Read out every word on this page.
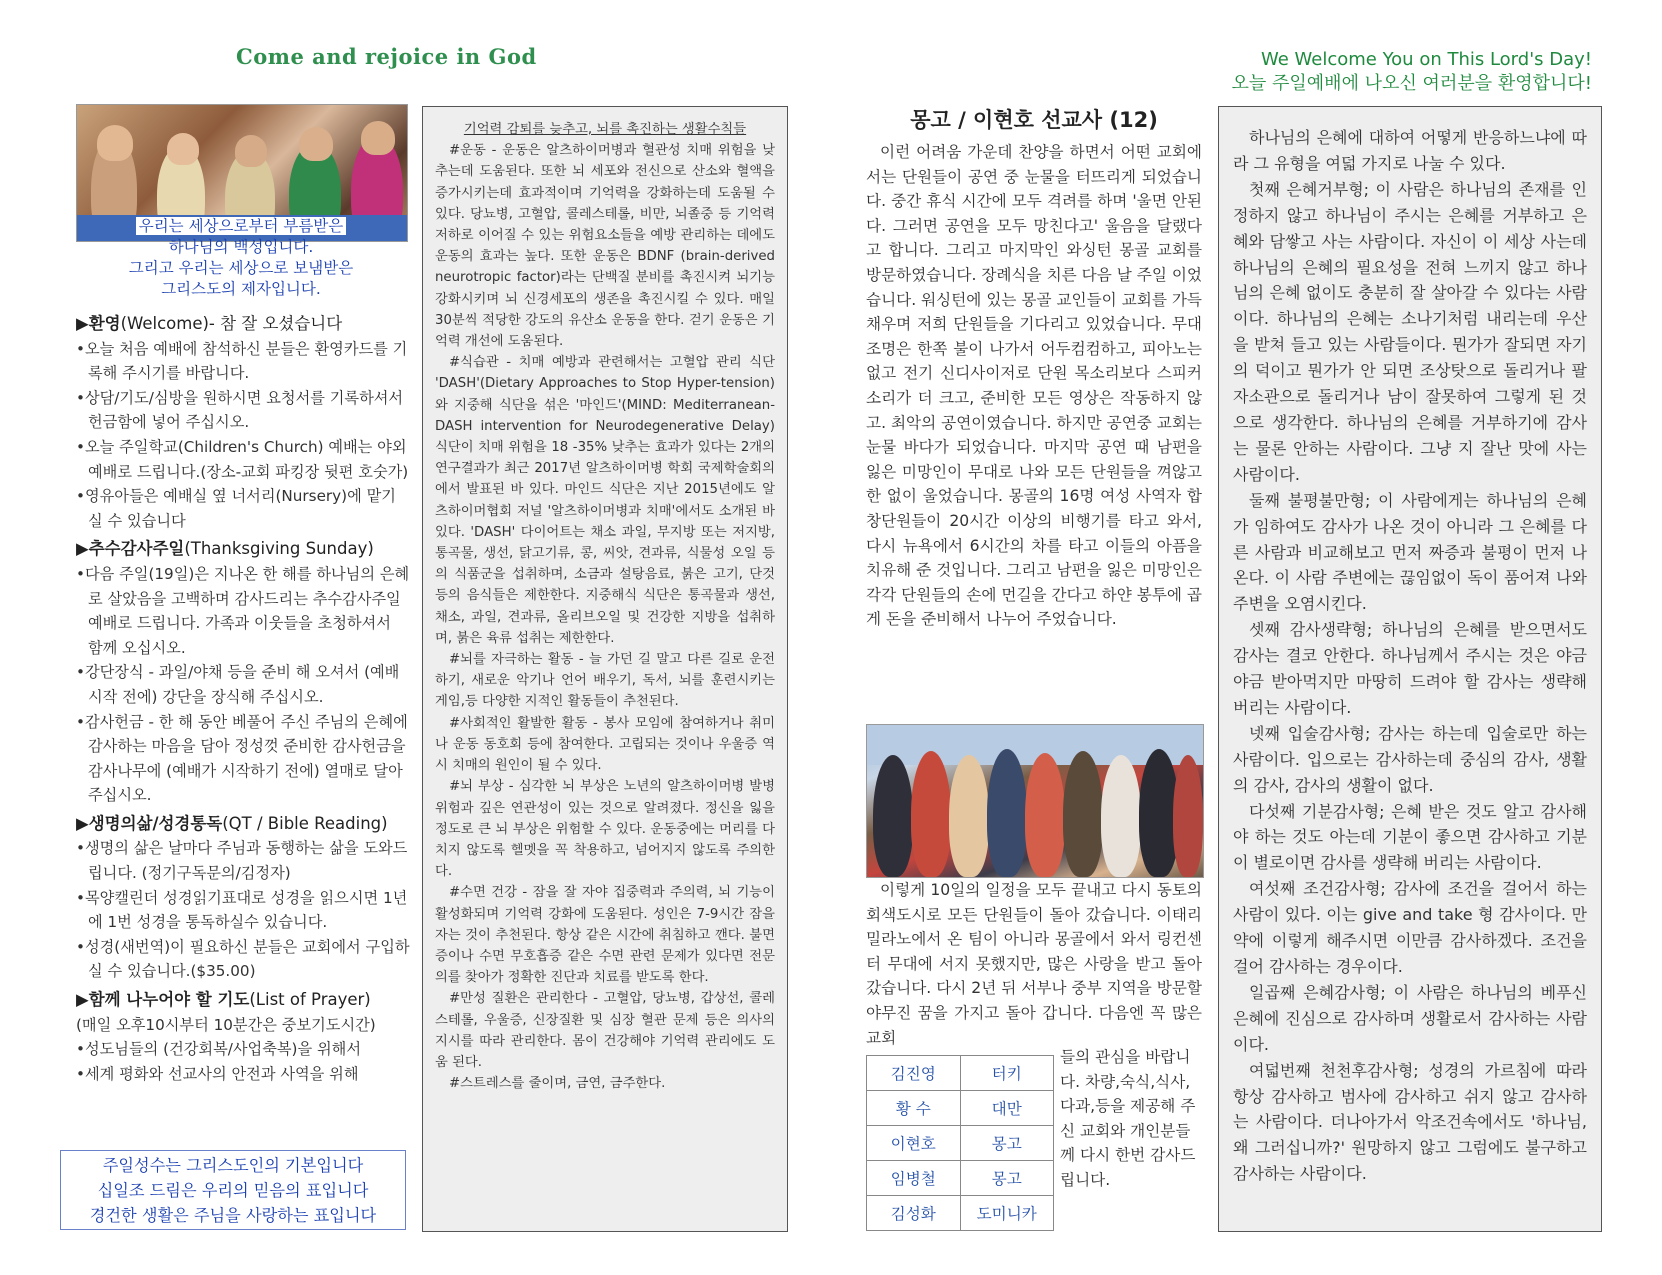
Come and rejoice in God	We Welcome You on This Lord's Day!
오늘 주일예배에 나오신 여러분을 환영합니다!
우리는 세상으로부터 부름받은
하나님의 백성입니다.
그리고 우리는 세상으로 보냄받은
그리스도의 제자입니다.
▶환영(Welcome)- 참 잘 오셨습니다
•오늘 처음 예배에 참석하신 분들은 환영카드를 기록해 주시기를 바랍니다.
•상담/기도/심방을 원하시면 요청서를 기록하셔서 헌금함에 넣어 주십시오.
•오늘 주일학교(Children's Church) 예배는 야외예배로 드립니다.(장소-교회 파킹장 뒷편 호숫가)
•영유아들은 예배실 옆 너서리(Nursery)에 맡기실 수 있습니다
▶추수감사주일(Thanksgiving Sunday)
•다음 주일(19일)은 지나온 한 해를 하나님의 은혜로 살았음을 고백하며 감사드리는 추수감사주일예배로 드립니다. 가족과 이웃들을 초청하셔서 함께 오십시오.
•강단장식 - 과일/야채 등을 준비 해 오셔서 (예배시작 전에) 강단을 장식해 주십시오.
•감사헌금 - 한 해 동안 베풀어 주신 주님의 은혜에 감사하는 마음을 담아 정성껏 준비한 감사헌금을 감사나무에 (예배가 시작하기 전에) 열매로 달아 주십시오.
▶생명의삶/성경통독(QT / Bible Reading)
•생명의 삶은 날마다 주님과 동행하는 삶을 도와드립니다. (정기구독문의/김정자)
•목양캘린더 성경읽기표대로 성경을 읽으시면 1년에 1번 성경을 통독하실수 있습니다.
•성경(새번역)이 필요하신 분들은 교회에서 구입하실 수 있습니다.($35.00)
▶함께 나누어야 할 기도(List of Prayer)
(매일 오후10시부터 10분간은 중보기도시간)
•성도님들의 (건강회복/사업축복)을 위해서
•세계 평화와 선교사의 안전과 사역을 위해
주일성수는 그리스도인의 기본입니다
십일조 드림은 우리의 믿음의 표입니다
경건한 생활은 주님을 사랑하는 표입니다
기억력 감퇴를 늦추고, 뇌를 촉진하는 생활수칙들

#운동 - 운동은 알츠하이머병과 혈관성 치매 위험을 낮추는데 도움된다. 또한 뇌 세포와 전신으로 산소와 혈액을 증가시키는데 효과적이며 기억력을 강화하는데 도움될 수 있다. 당뇨병, 고혈압, 콜레스테롤, 비만, 뇌졸중 등 기억력 저하로 이어질 수 있는 위험요소들을 예방 관리하는 데에도 운동의 효과는 높다. 또한 운동은 BDNF (brain-derived neurotropic factor)라는 단백질 분비를 촉진시켜 뇌기능 강화시키며 뇌 신경세포의 생존을 촉진시킬 수 있다. 매일 30분씩 적당한 강도의 유산소 운동을 한다. 걷기 운동은 기억력 개선에 도움된다.

#식습관 - 치매 예방과 관련해서는 고혈압 관리 식단 'DASH'(Dietary Approaches to Stop Hyper-tension)와 지중해 식단을 섞은 '마인드'(MIND: Mediterranean-DASH intervention for Neurodegenerative Delay) 식단이 치매 위험을 18 -35% 낮추는 효과가 있다는 2개의 연구결과가 최근 2017년 알츠하이머병 학회 국제학술회의에서 발표된 바 있다. 마인드 식단은 지난 2015년에도 알츠하이머협회 저널 '알츠하이머병과 치매'에서도 소개된 바 있다. 'DASH' 다이어트는 채소 과일, 무지방 또는 저지방, 통곡물, 생선, 닭고기류, 콩, 씨앗, 견과류, 식물성 오일 등의 식품군을 섭취하며, 소금과 설탕음료, 붉은 고기, 단것 등의 음식들은 제한한다. 지중해식 식단은 통곡물과 생선, 채소, 과일, 견과류, 올리브오일 및 건강한 지방을 섭취하며, 붉은 육류 섭취는 제한한다.

#뇌를 자극하는 활동 - 늘 가던 길 말고 다른 길로 운전하기, 새로운 악기나 언어 배우기, 독서, 뇌를 훈련시키는 게임,등 다양한 지적인 활동들이 추천된다.

#사회적인 활발한 활동 - 봉사 모임에 참여하거나 취미나 운동 동호회 등에 참여한다. 고립되는 것이나 우울증 역시 치매의 원인이 될 수 있다.

#뇌 부상 - 심각한 뇌 부상은 노년의 알츠하이머병 발병 위험과 깊은 연관성이 있는 것으로 알려졌다. 정신을 잃을 정도로 큰 뇌 부상은 위험할 수 있다. 운동중에는 머리를 다치지 않도록 헬멧을 꼭 착용하고, 넘어지지 않도록 주의한다.

#수면 건강 - 잠을 잘 자야 집중력과 주의력, 뇌 기능이 활성화되며 기억력 강화에 도움된다. 성인은 7-9시간 잠을 자는 것이 추천된다. 항상 같은 시간에 취침하고 깬다. 불면증이나 수면 무호흡증 같은 수면 관련 문제가 있다면 전문의를 찾아가 정확한 진단과 치료를 받도록 한다.

#만성 질환은 관리한다 - 고혈압, 당뇨병, 갑상선, 콜레스테롤, 우울증, 신장질환 및 심장 혈관 문제 등은 의사의 지시를 따라 관리한다. 몸이 건강해야 기억력 관리에도 도움 된다.

#스트레스를 줄이며, 금연, 금주한다.

몽고 / 이현호 선교사 (12)

이런 어려움 가운데 찬양을 하면서 어떤 교회에서는 단원들이 공연 중 눈물을 터뜨리게 되었습니다. 중간 휴식 시간에 모두 격려를 하며 '울면 안된다. 그러면 공연을 모두 망친다고' 울음을 달랬다고 합니다. 그리고 마지막인 와싱턴 몽골 교회를 방문하였습니다. 장례식을 치른 다음 날 주일 이었습니다. 워싱턴에 있는 몽골 교인들이 교회를 가득채우며 저희 단원들을 기다리고 있었습니다. 무대 조명은 한쪽 불이 나가서 어두컴컴하고, 피아노는 없고 전기 신디사이저로 단원 목소리보다 스피커 소리가 더 크고, 준비한 모든 영상은 작동하지 않고. 최악의 공연이였습니다. 하지만 공연중 교회는 눈물 바다가 되었습니다. 마지막 공연 때 남편을 잃은 미망인이 무대로 나와 모든 단원들을 껴않고 한 없이 울었습니다. 몽골의 16명 여성 사역자 합창단원들이 20시간 이상의 비행기를 타고 와서, 다시 뉴욕에서 6시간의 차를 타고 이들의 아픔을 치유해 준 것입니다. 그리고 남편을 잃은 미망인은 각각 단원들의 손에 먼길을 간다고 하얀 봉투에 곱게 돈을 준비해서 나누어 주었습니다.

이렇게 10일의 일정을 모두 끝내고 다시 동토의 회색도시로 모든 단원들이 돌아 갔습니다. 이태리 밀라노에서 온 팀이 아니라 몽골에서 와서 링컨센터 무대에 서지 못했지만, 많은 사랑을 받고 돌아 갔습니다. 다시 2년 뒤 서부나 중부 지역을 방문할 야무진 꿈을 가지고 돌아 갑니다. 다음엔 꼭 많은 교회

김진영	터키
황 수	대만
이현호	몽고
임병철	몽고
김성화	도미니카
들의 관심을 바랍니다. 차량,숙식,식사,다과,등을 제공해 주신 교회와 개인분들께 다시 한번 감사드립니다.

하나님의 은혜에 대하여 어떻게 반응하느냐에 따라 그 유형을 여덟 가지로 나눌 수 있다.

첫째 은혜거부형; 이 사람은 하나님의 존재를 인정하지 않고 하나님이 주시는 은혜를 거부하고 은혜와 담쌓고 사는 사람이다. 자신이 이 세상 사는데 하나님의 은혜의 필요성을 전혀 느끼지 않고 하나님의 은혜 없이도 충분히 잘 살아갈 수 있다는 사람이다. 하나님의 은혜는 소나기처럼 내리는데 우산을 받쳐 들고 있는 사람들이다. 뭔가가 잘되면 자기의 덕이고 뭔가가 안 되면 조상탓으로 돌리거나 팔자소관으로 돌리거나 남이 잘못하여 그렇게 된 것으로 생각한다. 하나님의 은혜를 거부하기에 감사는 물론 안하는 사람이다. 그냥 지 잘난 맛에 사는 사람이다.

둘째 불평불만형; 이 사람에게는 하나님의 은혜가 임하여도 감사가 나온 것이 아니라 그 은혜를 다른 사람과 비교해보고 먼저 짜증과 불평이 먼저 나온다. 이 사람 주변에는 끊임없이 독이 품어져 나와 주변을 오염시킨다.

셋째 감사생략형; 하나님의 은혜를 받으면서도 감사는 결코 안한다. 하나님께서 주시는 것은 야금야금 받아먹지만 마땅히 드려야 할 감사는 생략해 버리는 사람이다.

넷째 입술감사형; 감사는 하는데 입술로만 하는 사람이다. 입으로는 감사하는데 중심의 감사, 생활의 감사, 감사의 생활이 없다.

다섯째 기분감사형; 은혜 받은 것도 알고 감사해야 하는 것도 아는데 기분이 좋으면 감사하고 기분이 별로이면 감사를 생략해 버리는 사람이다.

여섯째 조건감사형; 감사에 조건을 걸어서 하는 사람이 있다. 이는 give and take 형 감사이다. 만약에 이렇게 해주시면 이만큼 감사하겠다. 조건을 걸어 감사하는 경우이다.

일곱째 은혜감사형; 이 사람은 하나님의 베푸신 은혜에 진심으로 감사하며 생활로서 감사하는 사람이다.

여덟번째 천천후감사형; 성경의 가르침에 따라 항상 감사하고 범사에 감사하고 쉬지 않고 감사하는 사람이다. 더나아가서 악조건속에서도 '하나님, 왜 그러십니까?' 원망하지 않고 그럼에도 불구하고 감사하는 사람이다.
